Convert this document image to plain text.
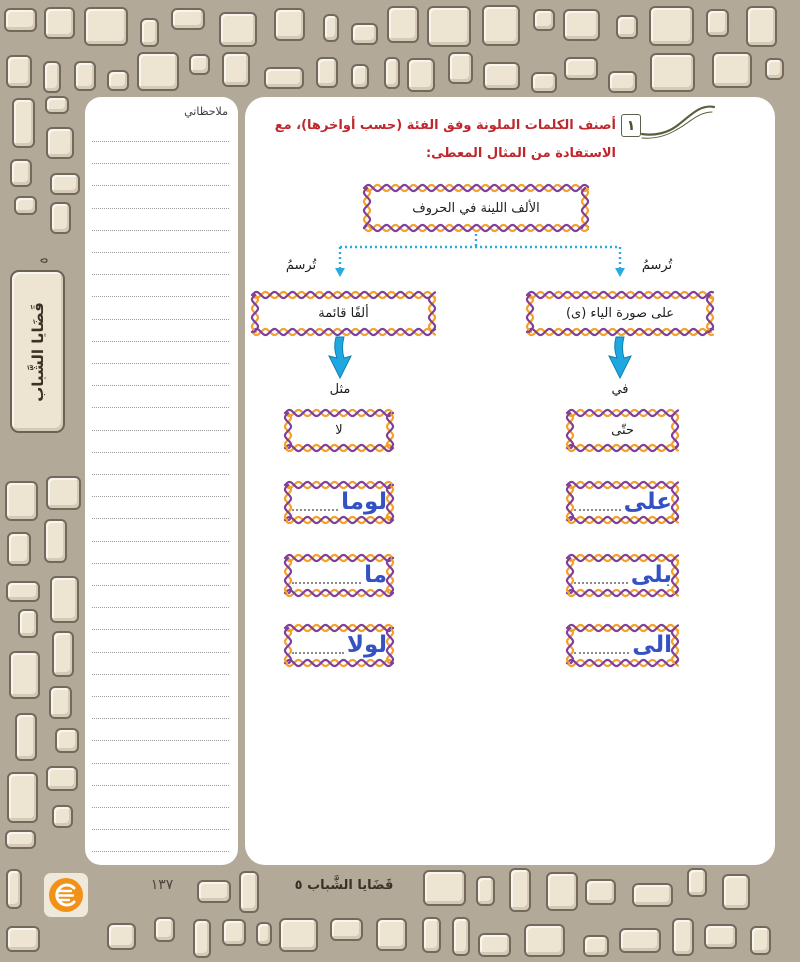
٥
قَضَايا الشَّباب
ملاحظاتي
١
أصنف الكلمات الملونة وفق الفئة (حسب أواخرها)، مع
الاستفادة من المثال المعطى:
الألف اللينة في الحروف
تُرسمُ
تُرسمُ
على صورة الياء (ى)
ألفًا قائمة
في
مثل
حتّى
لا
على
بلى
الى
لوما
ما
لولا
١٣٧	قَضَايا الشَّباب ٥
